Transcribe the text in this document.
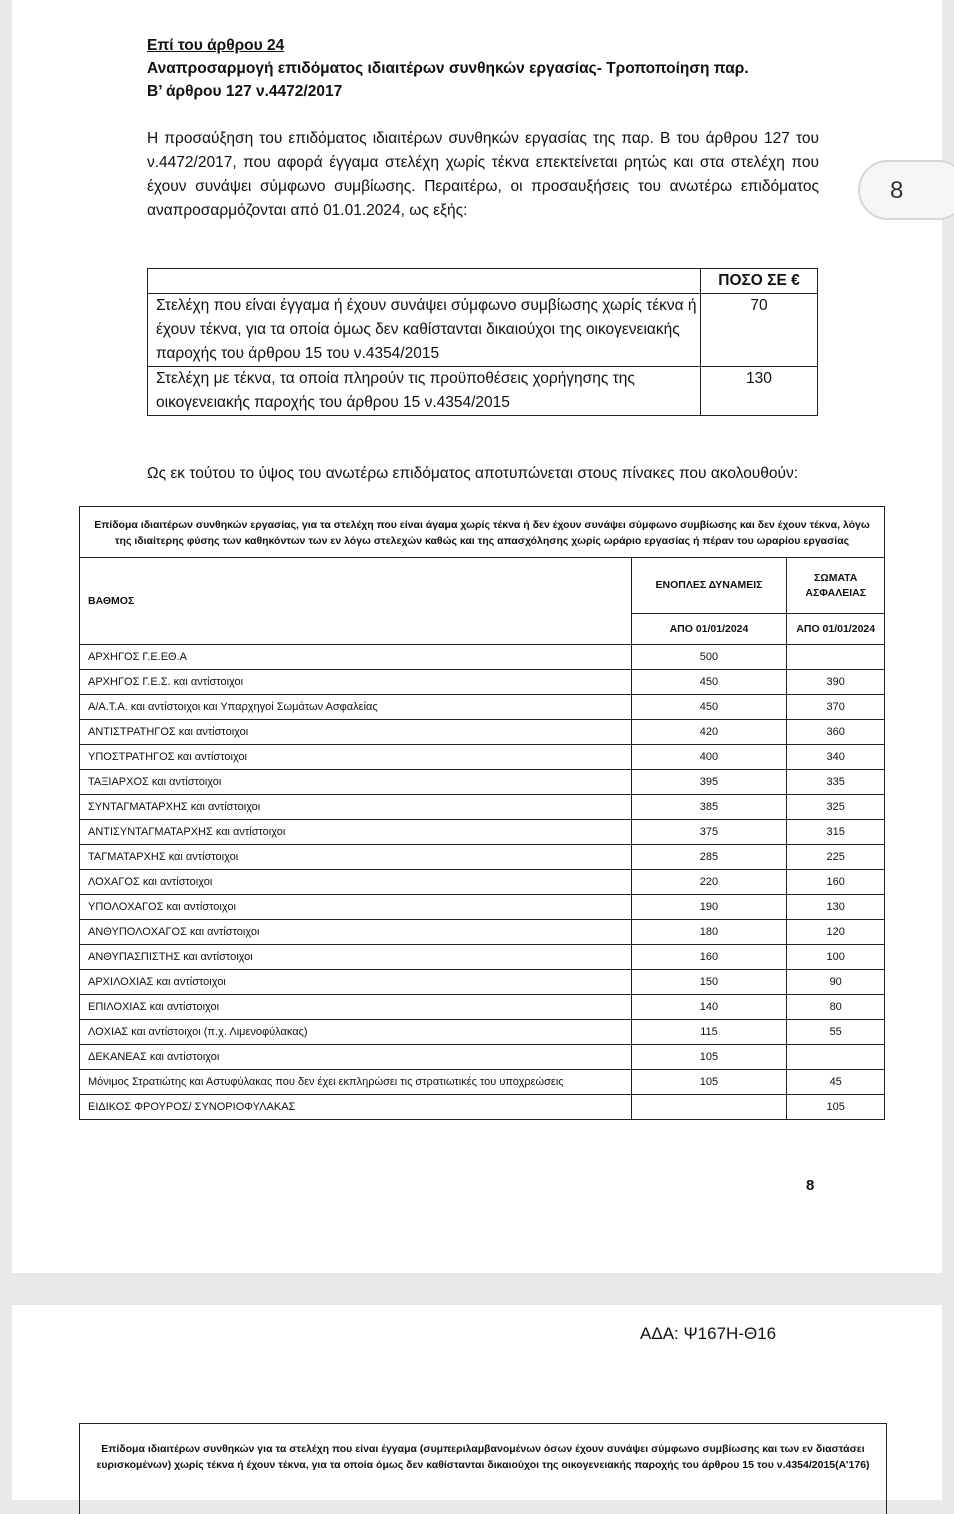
Επί του άρθρου 24
Αναπροσαρμογή επιδόματος ιδιαιτέρων συνθηκών εργασίας- Τροποποίηση παρ.
Β’ άρθρου 127 ν.4472/2017
Η προσαύξηση του επιδόματος ιδιαιτέρων συνθηκών εργασίας της παρ. Β του άρθρου 127 του ν.4472/2017, που αφορά έγγαμα στελέχη χωρίς τέκνα επεκτείνεται ρητώς και στα στελέχη που έχουν συνάψει σύμφωνο συμβίωσης. Περαιτέρω, οι προσαυξήσεις του ανωτέρω επιδόματος αναπροσαρμόζονται από 01.01.2024, ως εξής:
8
	ΠΟΣΟ ΣΕ €
Στελέχη που είναι έγγαμα ή έχουν συνάψει σύμφωνο συμβίωσης χωρίς τέκνα ή έχουν τέκνα, για τα οποία όμως δεν καθίστανται δικαιούχοι της οικογενειακής παροχής του άρθρου 15 του ν.4354/2015	70
Στελέχη με τέκνα, τα οποία πληρούν τις προϋποθέσεις χορήγησης της οικογενειακής παροχής του άρθρου 15 ν.4354/2015	130
Ως εκ τούτου το ύψος του ανωτέρω επιδόματος αποτυπώνεται στους πίνακες που ακολουθούν:
Επίδομα ιδιαιτέρων συνθηκών εργασίας, για τα στελέχη που είναι άγαμα χωρίς τέκνα ή δεν έχουν συνάψει σύμφωνο συμβίωσης και δεν έχουν τέκνα, λόγω της ιδιαίτερης φύσης των καθηκόντων των εν λόγω στελεχών καθώς και της απασχόλησης χωρίς ωράριο εργασίας ή πέραν του ωραρίου εργασίας		
ΒΑΘΜΟΣ	ΕΝΟΠΛΕΣ ΔΥΝΑΜΕΙΣ	ΣΩΜΑΤΑ ΑΣΦΑΛΕΙΑΣ
	ΑΠΟ 01/01/2024	ΑΠΟ 01/01/2024
ΑΡΧΗΓΟΣ Γ.Ε.ΕΘ.Α	500	
ΑΡΧΗΓΟΣ Γ.Ε.Σ. και αντίστοιχοι	450	390
Α/Α.Τ.Α. και αντίστοιχοι και Υπαρχηγοί Σωμάτων Ασφαλείας	450	370
ΑΝΤΙΣΤΡΑΤΗΓΟΣ και αντίστοιχοι	420	360
ΥΠΟΣΤΡΑΤΗΓΟΣ και αντίστοιχοι	400	340
ΤΑΞΙΑΡΧΟΣ και αντίστοιχοι	395	335
ΣΥΝΤΑΓΜΑΤΑΡΧΗΣ και αντίστοιχοι	385	325
ΑΝΤΙΣΥΝΤΑΓΜΑΤΑΡΧΗΣ και αντίστοιχοι	375	315
ΤΑΓΜΑΤΑΡΧΗΣ και αντίστοιχοι	285	225
ΛΟΧΑΓΟΣ και αντίστοιχοι	220	160
ΥΠΟΛΟΧΑΓΟΣ και αντίστοιχοι	190	130
ΑΝΘΥΠΟΛΟΧΑΓΟΣ και αντίστοιχοι	180	120
ΑΝΘΥΠΑΣΠΙΣΤΗΣ και αντίστοιχοι	160	100
ΑΡΧΙΛΟΧΙΑΣ και αντίστοιχοι	150	90
ΕΠΙΛΟΧΙΑΣ και αντίστοιχοι	140	80
ΛΟΧΙΑΣ και αντίστοιχοι (π.χ. Λιμενοφύλακας)	115	55
ΔΕΚΑΝΕΑΣ και αντίστοιχοι	105	
Μόνιμος Στρατιώτης και Αστυφύλακας που δεν έχει εκπληρώσει τις στρατιωτικές του υποχρεώσεις	105	45
ΕΙΔΙΚΟΣ ΦΡΟΥΡΟΣ/ ΣΥΝΟΡΙΟΦΥΛΑΚΑΣ		105
8
ΑΔΑ: Ψ167Η-Θ16
Επίδομα ιδιαιτέρων συνθηκών για τα στελέχη που είναι έγγαμα (συμπεριλαμβανομένων όσων έχουν συνάψει σύμφωνο συμβίωσης και των εν διαστάσει ευρισκομένων) χωρίς τέκνα ή έχουν τέκνα, για τα οποία όμως δεν καθίστανται δικαιούχοι της οικογενειακής παροχής του άρθρου 15 του ν.4354/2015(Α’176)
